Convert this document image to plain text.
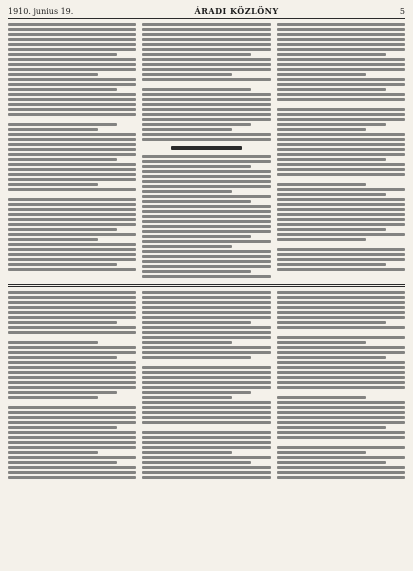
1910. junius 19.	ÁRADI KÖZLÖNY	5
